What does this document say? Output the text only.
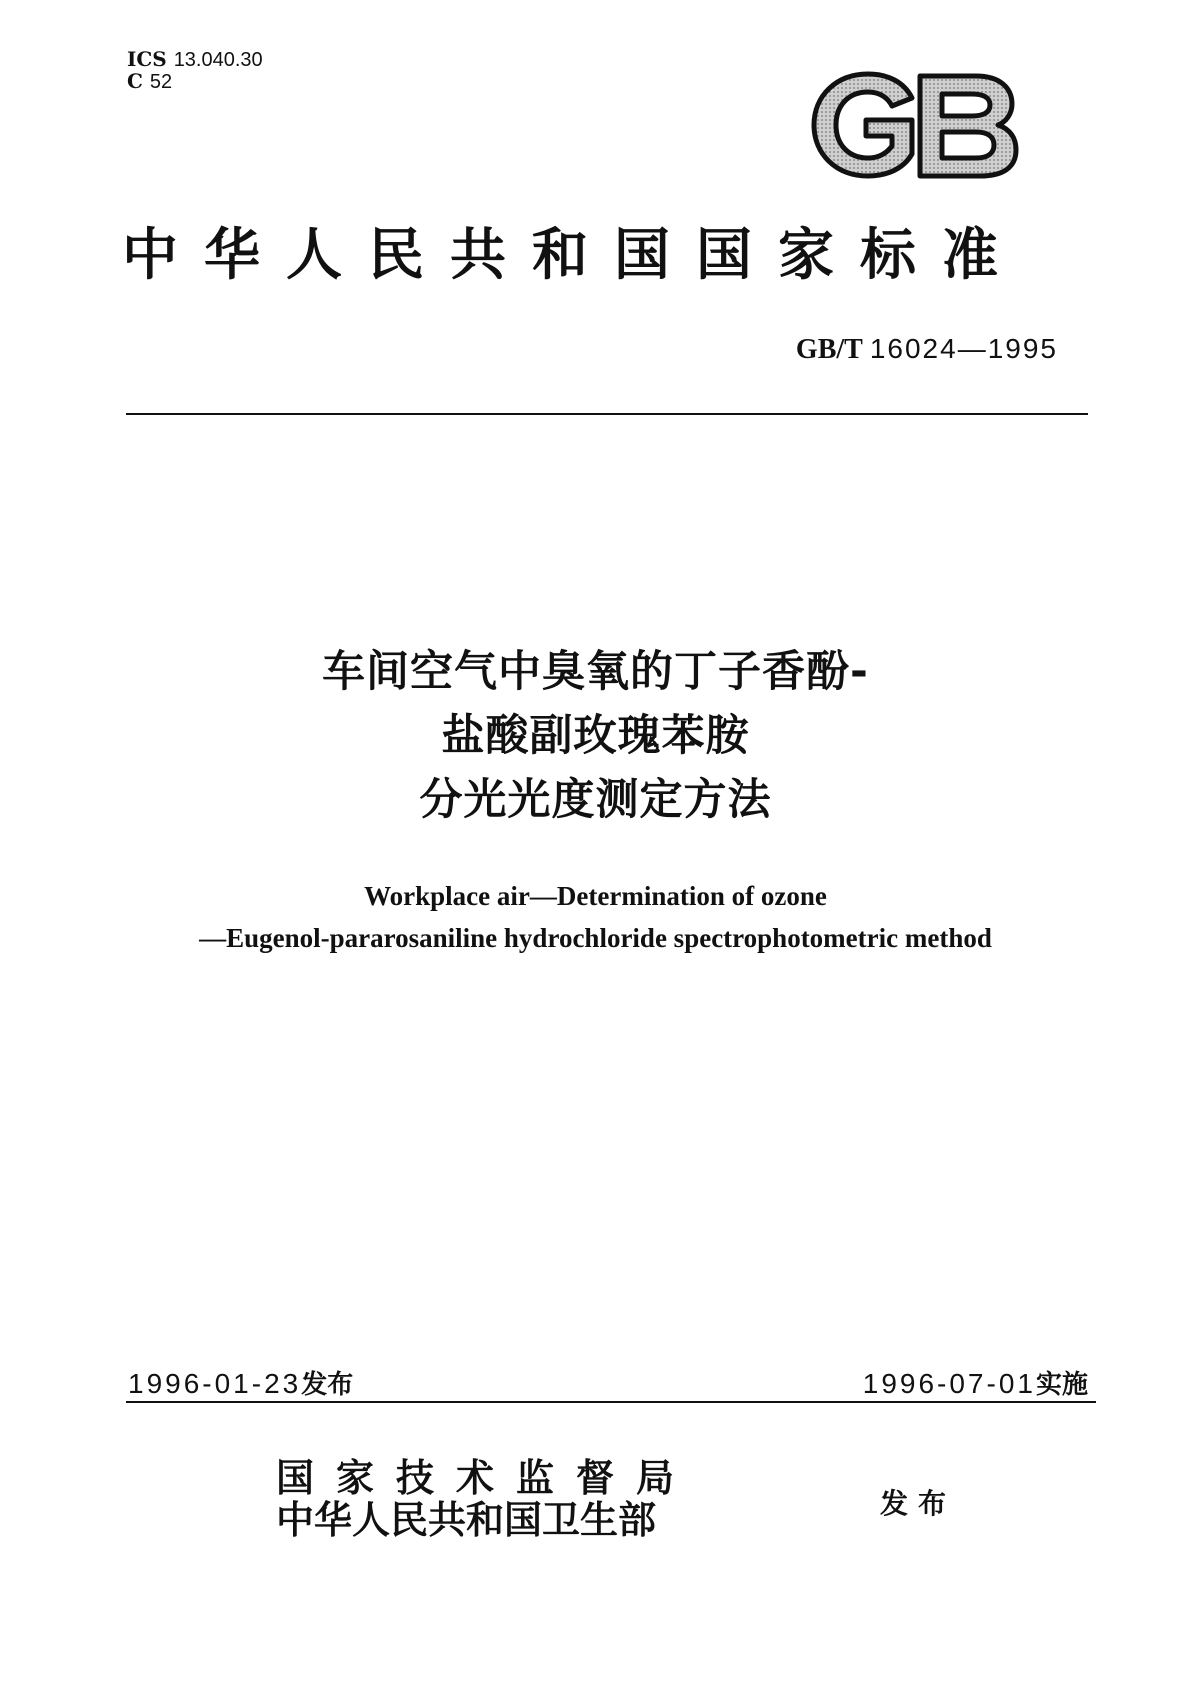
ICS 13.040.30
C 52
中华人民共和国国家标准
GB/T 16024—1995
车间空气中臭氧的丁子香酚-
盐酸副玫瑰苯胺
分光光度测定方法
Workplace air—Determination of ozone
—Eugenol-pararosaniline hydrochloride spectrophotometric method
1996-01-23发布	1996-07-01实施
国家技术监督局
中华人民共和国卫生部	发布
